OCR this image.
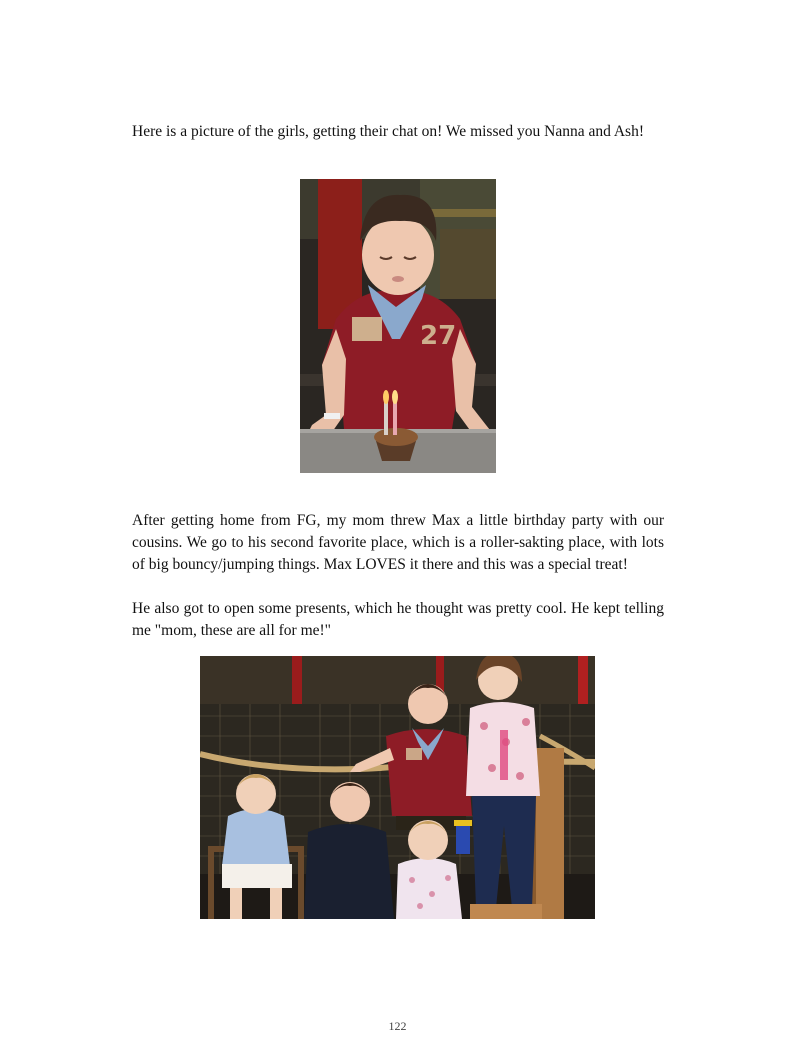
Here is a picture of the girls, getting their chat on! We missed you Nanna and Ash!

27

After getting home from FG, my mom threw Max a little birthday party with our cousins. We go to his second favorite place, which is a roller-sakting place, with lots of big bouncy/jumping things. Max LOVES it there and this was a special treat!

He also got to open some presents, which he thought was pretty cool. He kept telling me "mom, these are all for me!"

122
